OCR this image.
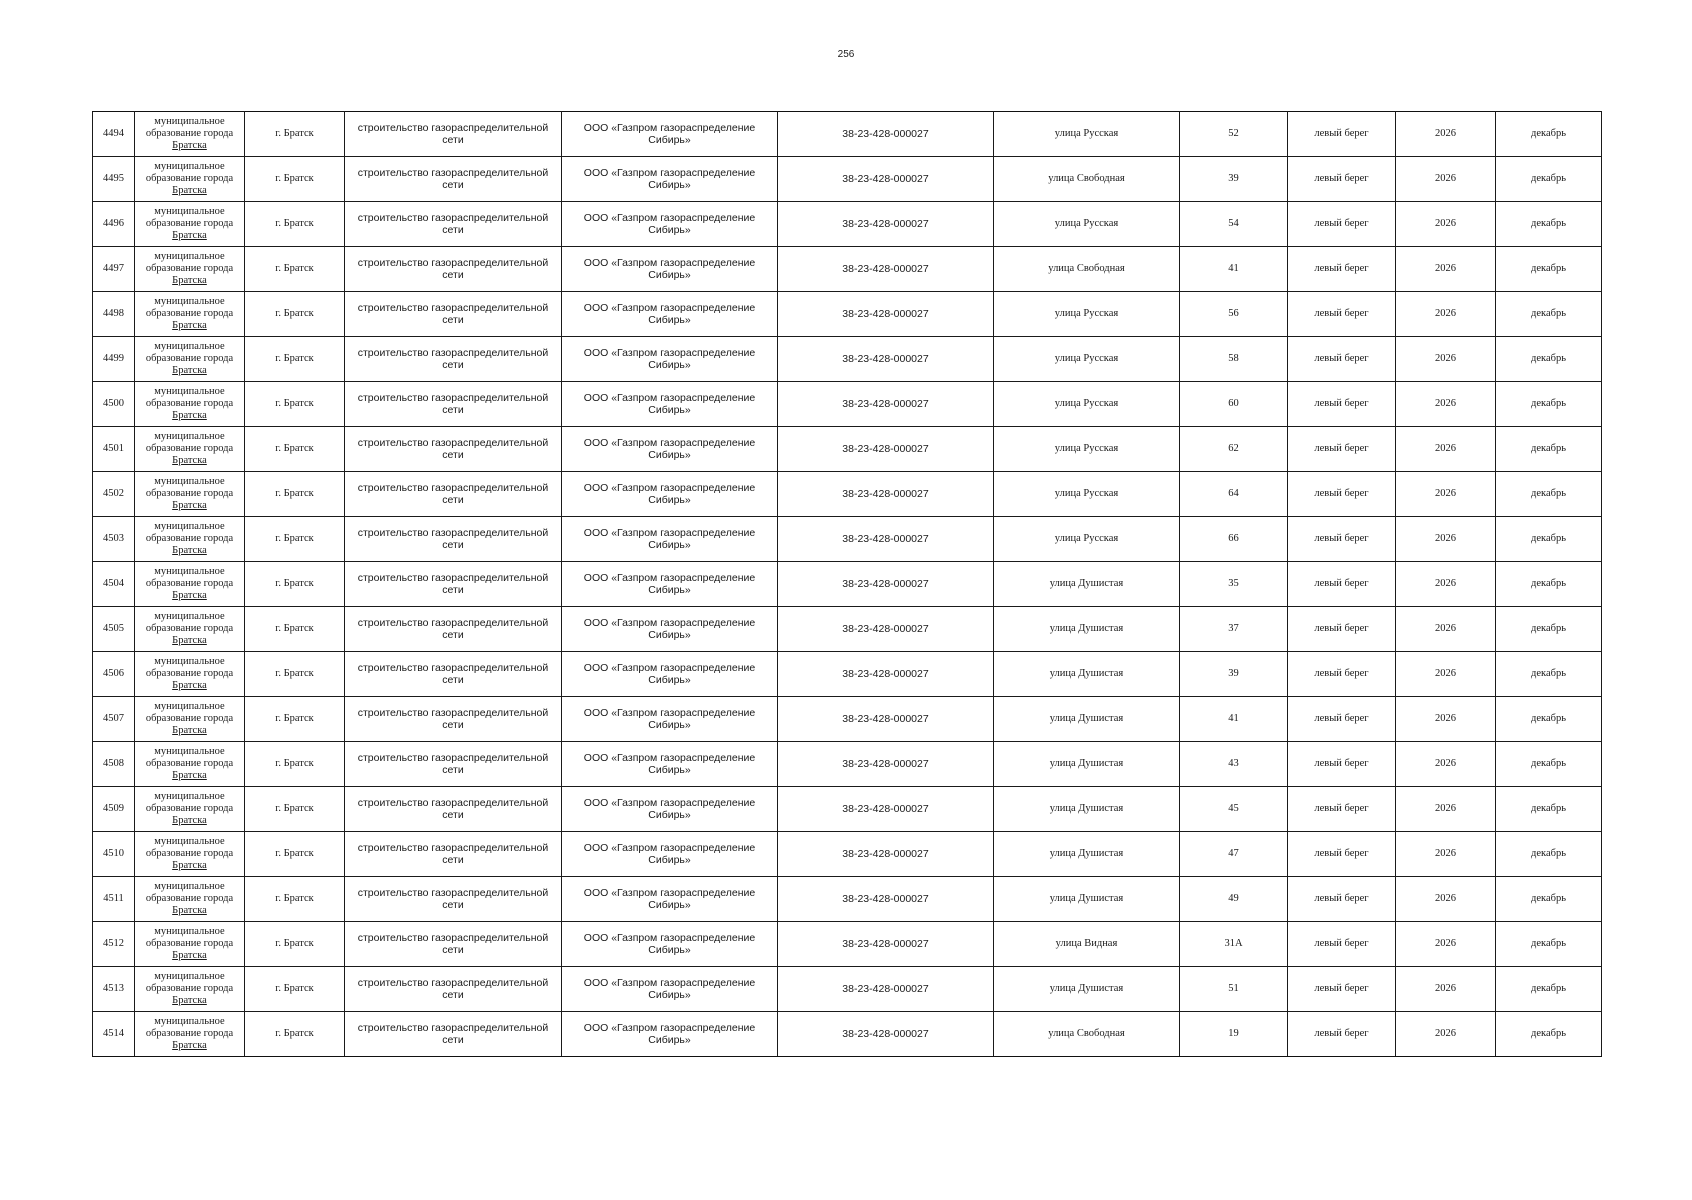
256
4494	муниципальное
образование города
Братска	г. Братск	строительство газораспределительной сети	ООО «Газпром газораспределение Сибирь»	38-23-428-000027	улица Русская	52	левый берег	2026	декабрь
4495	муниципальное
образование города
Братска	г. Братск	строительство газораспределительной сети	ООО «Газпром газораспределение Сибирь»	38-23-428-000027	улица Свободная	39	левый берег	2026	декабрь
4496	муниципальное
образование города
Братска	г. Братск	строительство газораспределительной сети	ООО «Газпром газораспределение Сибирь»	38-23-428-000027	улица Русская	54	левый берег	2026	декабрь
4497	муниципальное
образование города
Братска	г. Братск	строительство газораспределительной сети	ООО «Газпром газораспределение Сибирь»	38-23-428-000027	улица Свободная	41	левый берег	2026	декабрь
4498	муниципальное
образование города
Братска	г. Братск	строительство газораспределительной сети	ООО «Газпром газораспределение Сибирь»	38-23-428-000027	улица Русская	56	левый берег	2026	декабрь
4499	муниципальное
образование города
Братска	г. Братск	строительство газораспределительной сети	ООО «Газпром газораспределение Сибирь»	38-23-428-000027	улица Русская	58	левый берег	2026	декабрь
4500	муниципальное
образование города
Братска	г. Братск	строительство газораспределительной сети	ООО «Газпром газораспределение Сибирь»	38-23-428-000027	улица Русская	60	левый берег	2026	декабрь
4501	муниципальное
образование города
Братска	г. Братск	строительство газораспределительной сети	ООО «Газпром газораспределение Сибирь»	38-23-428-000027	улица Русская	62	левый берег	2026	декабрь
4502	муниципальное
образование города
Братска	г. Братск	строительство газораспределительной сети	ООО «Газпром газораспределение Сибирь»	38-23-428-000027	улица Русская	64	левый берег	2026	декабрь
4503	муниципальное
образование города
Братска	г. Братск	строительство газораспределительной сети	ООО «Газпром газораспределение Сибирь»	38-23-428-000027	улица Русская	66	левый берег	2026	декабрь
4504	муниципальное
образование города
Братска	г. Братск	строительство газораспределительной сети	ООО «Газпром газораспределение Сибирь»	38-23-428-000027	улица Душистая	35	левый берег	2026	декабрь
4505	муниципальное
образование города
Братска	г. Братск	строительство газораспределительной сети	ООО «Газпром газораспределение Сибирь»	38-23-428-000027	улица Душистая	37	левый берег	2026	декабрь
4506	муниципальное
образование города
Братска	г. Братск	строительство газораспределительной сети	ООО «Газпром газораспределение Сибирь»	38-23-428-000027	улица Душистая	39	левый берег	2026	декабрь
4507	муниципальное
образование города
Братска	г. Братск	строительство газораспределительной сети	ООО «Газпром газораспределение Сибирь»	38-23-428-000027	улица Душистая	41	левый берег	2026	декабрь
4508	муниципальное
образование города
Братска	г. Братск	строительство газораспределительной сети	ООО «Газпром газораспределение Сибирь»	38-23-428-000027	улица Душистая	43	левый берег	2026	декабрь
4509	муниципальное
образование города
Братска	г. Братск	строительство газораспределительной сети	ООО «Газпром газораспределение Сибирь»	38-23-428-000027	улица Душистая	45	левый берег	2026	декабрь
4510	муниципальное
образование города
Братска	г. Братск	строительство газораспределительной сети	ООО «Газпром газораспределение Сибирь»	38-23-428-000027	улица Душистая	47	левый берег	2026	декабрь
4511	муниципальное
образование города
Братска	г. Братск	строительство газораспределительной сети	ООО «Газпром газораспределение Сибирь»	38-23-428-000027	улица Душистая	49	левый берег	2026	декабрь
4512	муниципальное
образование города
Братска	г. Братск	строительство газораспределительной сети	ООО «Газпром газораспределение Сибирь»	38-23-428-000027	улица Видная	31А	левый берег	2026	декабрь
4513	муниципальное
образование города
Братска	г. Братск	строительство газораспределительной сети	ООО «Газпром газораспределение Сибирь»	38-23-428-000027	улица Душистая	51	левый берег	2026	декабрь
4514	муниципальное
образование города
Братска	г. Братск	строительство газораспределительной сети	ООО «Газпром газораспределение Сибирь»	38-23-428-000027	улица Свободная	19	левый берег	2026	декабрь
